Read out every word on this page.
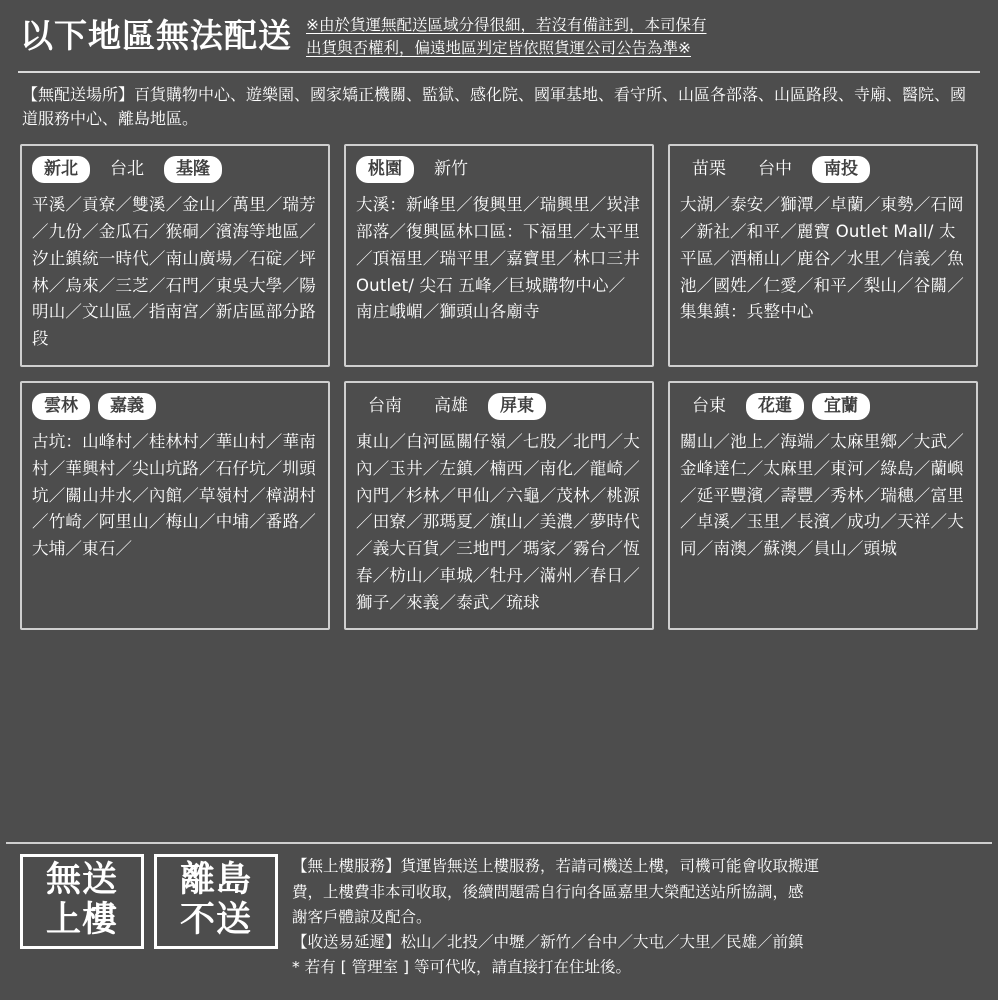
以下地區無法配送 ※由於貨運無配送區域分得很細，若沒有備註到，本司保有
出貨與否權利，偏遠地區判定皆依照貨運公司公告為準※
【無配送場所】百貨購物中心、遊樂園、國家矯正機關、監獄、感化院、國軍基地、看守所、山區各部落、山區路段、寺廟、醫院、國道服務中心、離島地區。
新北	台北	基隆
平溪／貢寮／雙溪／金山／萬里／瑞芳／九份／金瓜石／猴硐／濱海等地區／汐止鎮統一時代／南山廣場／石碇／坪林／烏來／三芝／石門／東吳大學／陽明山／文山區／指南宮／新店區部分路段
桃園	新竹
大溪：新峰里／復興里／瑞興里／崁津部落／復興區林口區：下福里／太平里／頂福里／瑞平里／嘉寶里／林口三井 Outlet/ 尖石 五峰／巨城購物中心／南庄峨嵋／獅頭山各廟寺
苗栗	台中	南投
大湖／泰安／獅潭／卓蘭／東勢／石岡／新社／和平／麗寶 Outlet Mall/ 太平區／酒桶山／鹿谷／水里／信義／魚池／國姓／仁愛／和平／梨山／谷關／集集鎮：兵整中心
雲林	嘉義
古坑：山峰村／桂林村／華山村／華南村／華興村／尖山坑路／石仔坑／圳頭坑／關山井水／內館／草嶺村／樟湖村／竹崎／阿里山／梅山／中埔／番路／大埔／東石／
台南	高雄	屏東
東山／白河區關仔嶺／七股／北門／大內／玉井／左鎮／楠西／南化／龍崎／內門／杉林／甲仙／六龜／茂林／桃源／田寮／那瑪夏／旗山／美濃／夢時代／義大百貨／三地門／瑪家／霧台／恆春／枋山／車城／牡丹／滿州／春日／獅子／來義／泰武／琉球
台東	花蓮	宜蘭
關山／池上／海端／太麻里鄉／大武／金峰達仁／太麻里／東河／綠島／蘭嶼／延平豐濱／壽豐／秀林／瑞穗／富里／卓溪／玉里／長濱／成功／天祥／大同／南澳／蘇澳／員山／頭城
無送
上樓
離島
不送
【無上樓服務】貨運皆無送上樓服務，若請司機送上樓，司機可能會收取搬運
費，上樓費非本司收取，後續問題需自行向各區嘉里大榮配送站所協調，感
謝客戶體諒及配合。
【收送易延遲】松山／北投／中壢／新竹／台中／大屯／大里／民雄／前鎮
* 若有 [ 管理室 ] 等可代收，請直接打在住址後。
